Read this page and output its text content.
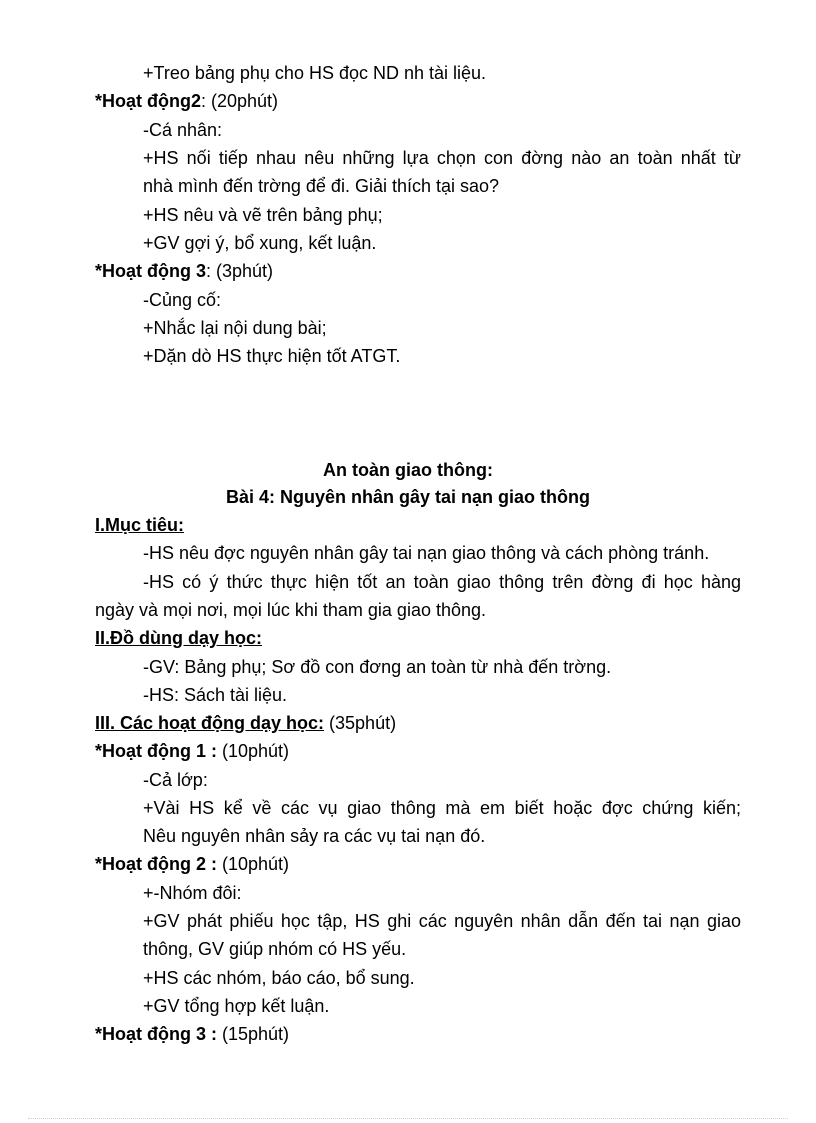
+Treo bảng phụ cho HS đọc ND nh tài liệu.
*Hoạt động2: (20phút)
-Cá nhân:
+HS nối tiếp nhau nêu những lựa chọn con đờng nào an toàn nhất từ
nhà mình đến trờng để đi. Giải thích tại sao?
+HS nêu và vẽ trên bảng phụ;
+GV gợi ý, bổ xung, kết luận.
*Hoạt động 3: (3phút)
-Củng cố:
+Nhắc lại nội dung bài;
+Dặn dò HS thực hiện tốt ATGT.
An toàn giao thông:
Bài 4: Nguyên nhân gây tai nạn giao thông
I.Mục tiêu:
-HS nêu đợc nguyên nhân gây tai nạn giao thông và cách phòng tránh.
-HS có ý thức thực hiện tốt an toàn giao thông trên đờng đi học hàng
ngày và mọi nơi, mọi lúc khi tham gia giao thông.
II.Đồ dùng dạy học:
-GV: Bảng phụ; Sơ đồ con đơng an toàn từ nhà đến trờng.
-HS: Sách tài liệu.
III. Các hoạt động dạy học: (35phút)
*Hoạt động 1 : (10phút)
-Cả lớp:
+Vài HS kể về các vụ giao thông mà em biết hoặc đợc chứng kiến;
Nêu nguyên nhân sảy ra các vụ tai nạn đó.
*Hoạt động 2 : (10phút)
+-Nhóm đôi:
+GV phát phiếu học tập, HS ghi các nguyên nhân dẫn đến tai nạn giao
thông, GV giúp nhóm có HS yếu.
+HS các nhóm, báo cáo, bổ sung.
+GV tổng hợp kết luận.
*Hoạt động 3 : (15phút)
